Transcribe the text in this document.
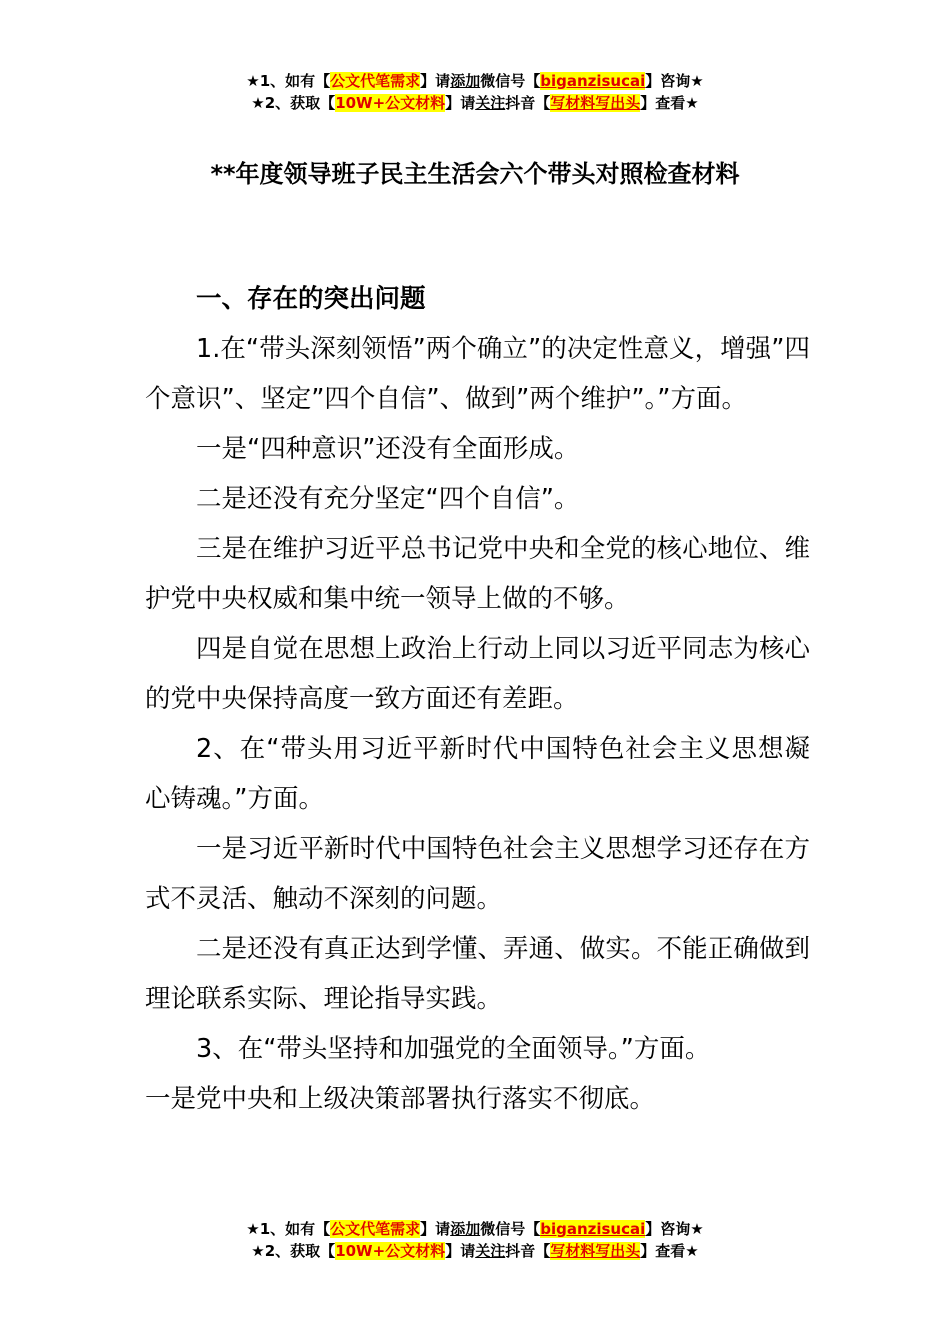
★1、如有【公文代笔需求】请添加微信号【biganzisucai】咨询★
★2、获取【10W+公文材料】请关注抖音【写材料写出头】查看★
**年度领导班子民主生活会六个带头对照检查材料

一、存在的突出问题

1.在“带头深刻领悟”两个确立”的决定性意义，增强”四个意识”、坚定”四个自信”、做到”两个维护”。”方面。

一是“四种意识”还没有全面形成。

二是还没有充分坚定“四个自信”。

三是在维护习近平总书记党中央和全党的核心地位、维护党中央权威和集中统一领导上做的不够。

四是自觉在思想上政治上行动上同以习近平同志为核心的党中央保持高度一致方面还有差距。

2、在“带头用习近平新时代中国特色社会主义思想凝心铸魂。”方面。

一是习近平新时代中国特色社会主义思想学习还存在方式不灵活、触动不深刻的问题。

二是还没有真正达到学懂、弄通、做实。不能正确做到理论联系实际、理论指导实践。

3、在“带头坚持和加强党的全面领导。”方面。

一是党中央和上级决策部署执行落实不彻底。

★1、如有【公文代笔需求】请添加微信号【biganzisucai】咨询★
★2、获取【10W+公文材料】请关注抖音【写材料写出头】查看★
